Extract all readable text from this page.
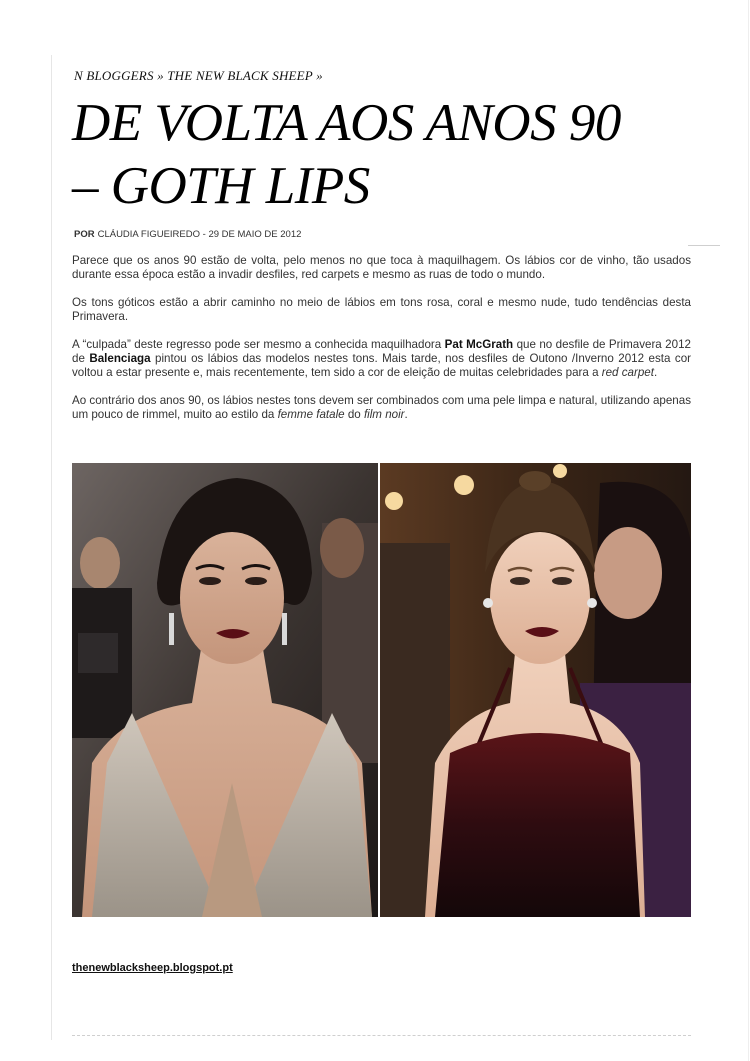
N BLOGGERS » THE NEW BLACK SHEEP »
DE VOLTA AOS ANOS 90
– GOTH LIPS
POR CLÁUDIA FIGUEIREDO - 29 DE MAIO DE 2012

Parece que os anos 90 estão de volta, pelo menos no que toca à maquilhagem. Os lábios cor de vinho, tão usados durante essa época estão a invadir desfiles, red carpets e mesmo as ruas de todo o mundo.

Os tons góticos estão a abrir caminho no meio de lábios em tons rosa, coral e mesmo nude, tudo tendências desta Primavera.

A “culpada” deste regresso pode ser mesmo a conhecida maquilhadora Pat McGrath que no desfile de Primavera 2012 de Balenciaga pintou os lábios das modelos nestes tons. Mais tarde, nos desfiles de Outono /Inverno 2012 esta cor voltou a estar presente e, mais recentemente, tem sido a cor de eleição de muitas celebridades para a red carpet.

Ao contrário dos anos 90, os lábios nestes tons devem ser combinados com uma pele limpa e natural, utilizando apenas um pouco de rimmel, muito ao estilo da femme fatale do film noir.

thenewblacksheep.blogspot.pt
